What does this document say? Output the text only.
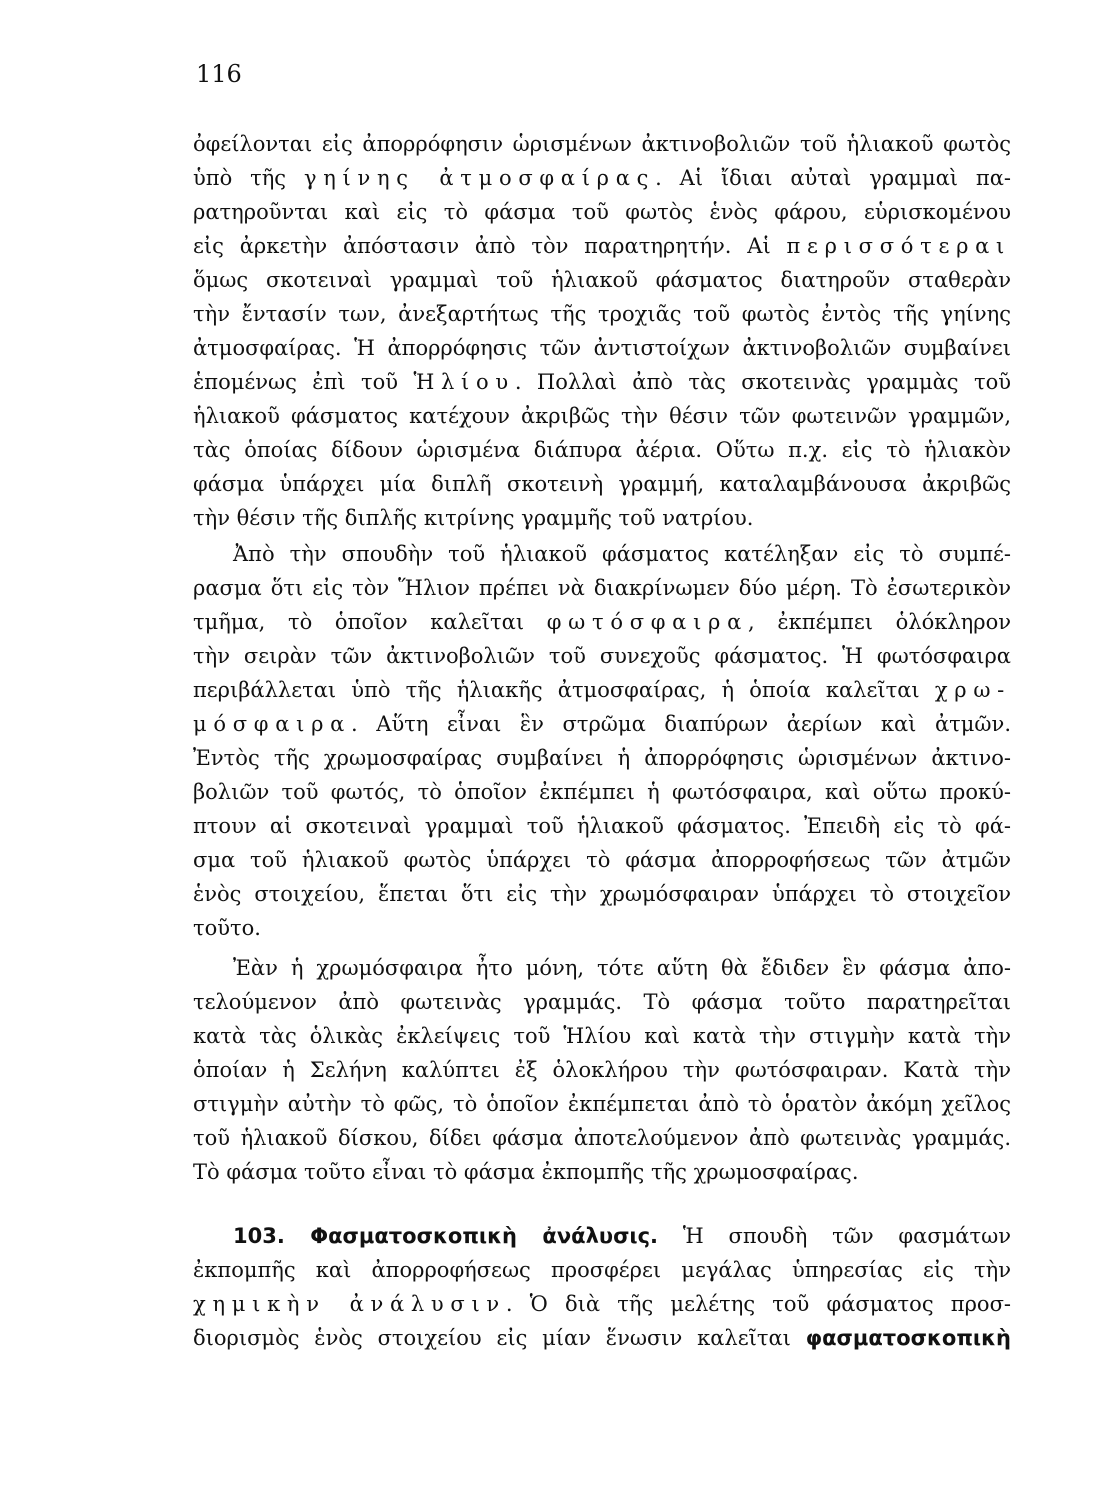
116
ὀφείλονται εἰς ἀπορρόφησιν ὡρισμένων ἀκτινοβολιῶν τοῦ ἡλιακοῦ φωτὸς
ὑπὸ τῆς γηίνης ἀτμοσφαίρας. Αἱ ἴδιαι αὐταὶ γραμμαὶ πα-
ρατηροῦνται καὶ εἰς τὸ φάσμα τοῦ φωτὸς ἑνὸς φάρου, εὑρισκομένου
εἰς ἀρκετὴν ἀπόστασιν ἀπὸ τὸν παρατηρητήν. Αἱ περισσότεραι
ὅμως σκοτειναὶ γραμμαὶ τοῦ ἡλιακοῦ φάσματος διατηροῦν σταθερὰν
τὴν ἔντασίν των, ἀνεξαρτήτως τῆς τροχιᾶς τοῦ φωτὸς ἐντὸς τῆς γηίνης
ἀτμοσφαίρας. Ἡ ἀπορρόφησις τῶν ἀντιστοίχων ἀκτινοβολιῶν συμβαίνει
ἑπομένως ἐπὶ τοῦ Ἡλίου. Πολλαὶ ἀπὸ τὰς σκοτεινὰς γραμμὰς τοῦ
ἡλιακοῦ φάσματος κατέχουν ἀκριβῶς τὴν θέσιν τῶν φωτεινῶν γραμμῶν,
τὰς ὁποίας δίδουν ὡρισμένα διάπυρα ἀέρια. Οὕτω π.χ. εἰς τὸ ἡλιακὸν
φάσμα ὑπάρχει μία διπλῆ σκοτεινὴ γραμμή, καταλαμβάνουσα ἀκριβῶς
τὴν θέσιν τῆς διπλῆς κιτρίνης γραμμῆς τοῦ νατρίου.
Ἀπὸ τὴν σπουδὴν τοῦ ἡλιακοῦ φάσματος κατέληξαν εἰς τὸ συμπέ-
ρασμα ὅτι εἰς τὸν Ἥλιον πρέπει νὰ διακρίνωμεν δύο μέρη. Τὸ ἐσωτερικὸν
τμῆμα, τὸ ὁποῖον καλεῖται φωτόσφαιρα, ἐκπέμπει ὁλόκληρον
τὴν σειρὰν τῶν ἀκτινοβολιῶν τοῦ συνεχοῦς φάσματος. Ἡ φωτόσφαιρα
περιβάλλεται ὑπὸ τῆς ἡλιακῆς ἀτμοσφαίρας, ἡ ὁποία καλεῖται χρω-
μόσφαιρα. Αὕτη εἶναι ἓν στρῶμα διαπύρων ἀερίων καὶ ἀτμῶν.
Ἐντὸς τῆς χρωμοσφαίρας συμβαίνει ἡ ἀπορρόφησις ὡρισμένων ἀκτινο-
βολιῶν τοῦ φωτός, τὸ ὁποῖον ἐκπέμπει ἡ φωτόσφαιρα, καὶ οὕτω προκύ-
πτουν αἱ σκοτειναὶ γραμμαὶ τοῦ ἡλιακοῦ φάσματος. Ἐπειδὴ εἰς τὸ φά-
σμα τοῦ ἡλιακοῦ φωτὸς ὑπάρχει τὸ φάσμα ἀπορροφήσεως τῶν ἀτμῶν
ἑνὸς στοιχείου, ἕπεται ὅτι εἰς τὴν χρωμόσφαιραν ὑπάρχει τὸ στοιχεῖον
τοῦτο.
Ἐὰν ἡ χρωμόσφαιρα ἦτο μόνη, τότε αὕτη θὰ ἔδιδεν ἓν φάσμα ἀπο-
τελούμενον ἀπὸ φωτεινὰς γραμμάς. Τὸ φάσμα τοῦτο παρατηρεῖται
κατὰ τὰς ὁλικὰς ἐκλείψεις τοῦ Ἡλίου καὶ κατὰ τὴν στιγμὴν κατὰ τὴν
ὁποίαν ἡ Σελήνη καλύπτει ἐξ ὁλοκλήρου τὴν φωτόσφαιραν. Κατὰ τὴν
στιγμὴν αὐτὴν τὸ φῶς, τὸ ὁποῖον ἐκπέμπεται ἀπὸ τὸ ὁρατὸν ἀκόμη χεῖλος
τοῦ ἡλιακοῦ δίσκου, δίδει φάσμα ἀποτελούμενον ἀπὸ φωτεινὰς γραμμάς.
Τὸ φάσμα τοῦτο εἶναι τὸ φάσμα ἐκπομπῆς τῆς χρωμοσφαίρας.
103. Φασματοσκοπικὴ ἀνάλυσις. Ἡ σπουδὴ τῶν φασμάτων
ἐκπομπῆς καὶ ἀπορροφήσεως προσφέρει μεγάλας ὑπηρεσίας εἰς τὴν
χημικὴν ἀνάλυσιν. Ὁ διὰ τῆς μελέτης τοῦ φάσματος προσ-
διορισμὸς ἑνὸς στοιχείου εἰς μίαν ἕνωσιν καλεῖται φασματοσκοπικὴ
